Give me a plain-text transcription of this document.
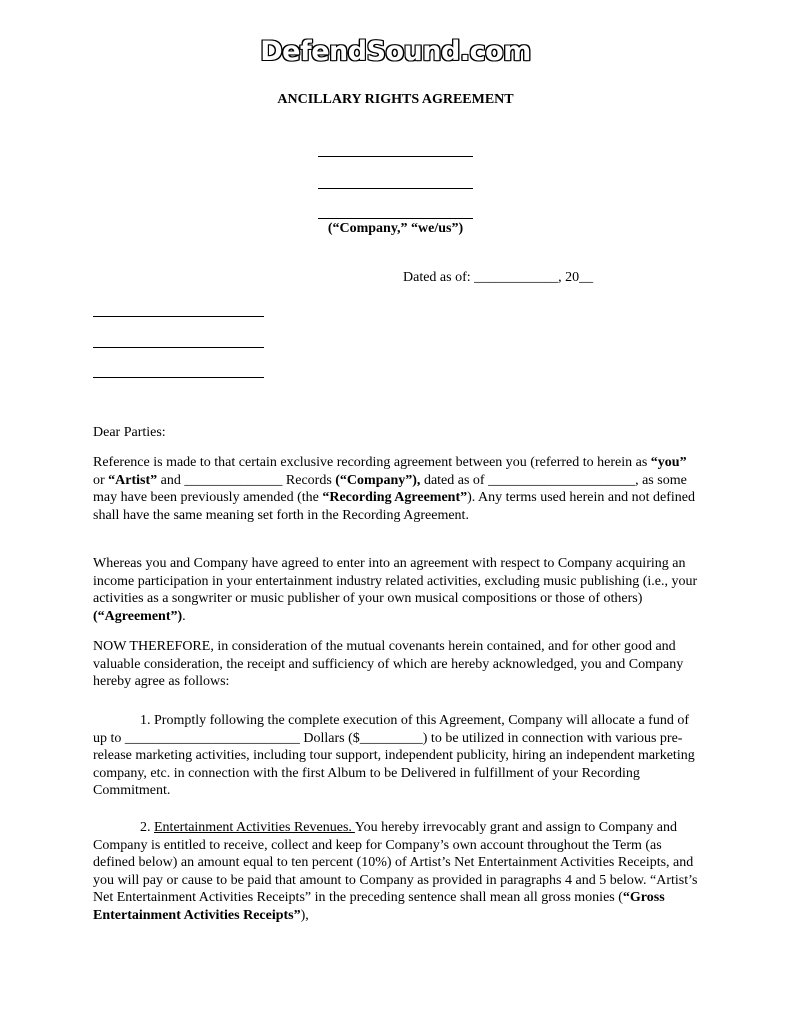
DefendSound.com
ANCILLARY RIGHTS AGREEMENT
(“Company,” “we/us”)
Dated as of: ____________, 20__
Dear Parties:
Reference is made to that certain exclusive recording agreement between you (referred to herein as “you” or “Artist” and ______________ Records (“Company”), dated as of _____________________, as some may have been previously amended (the “Recording Agreement”). Any terms used herein and not defined shall have the same meaning set forth in the Recording Agreement.
Whereas you and Company have agreed to enter into an agreement with respect to Company acquiring an income participation in your entertainment industry related activities, excluding music publishing (i.e., your activities as a songwriter or music publisher of your own musical compositions or those of others) (“Agreement”).
NOW THEREFORE, in consideration of the mutual covenants herein contained, and for other good and valuable consideration, the receipt and sufficiency of which are hereby acknowledged, you and Company                     hereby agree as follows:
1. Promptly following the complete execution of this Agreement, Company will allocate a fund of up to _________________________ Dollars ($_________) to be utilized in connection with various pre-release marketing activities, including tour support, independent publicity, hiring an independent marketing company, etc. in connection with the first Album to be Delivered in fulfillment of your Recording Commitment.
2. Entertainment Activities Revenues. You hereby irrevocably grant and assign to Company and Company is entitled to receive, collect and keep for Company’s own account throughout the Term (as defined below) an amount equal to ten percent (10%) of Artist’s Net Entertainment Activities Receipts, and you will pay or cause to be paid that amount to Company as provided in paragraphs 4 and 5 below. “Artist’s Net Entertainment Activities Receipts” in the preceding sentence shall mean all gross monies (“Gross Entertainment Activities Receipts”),
